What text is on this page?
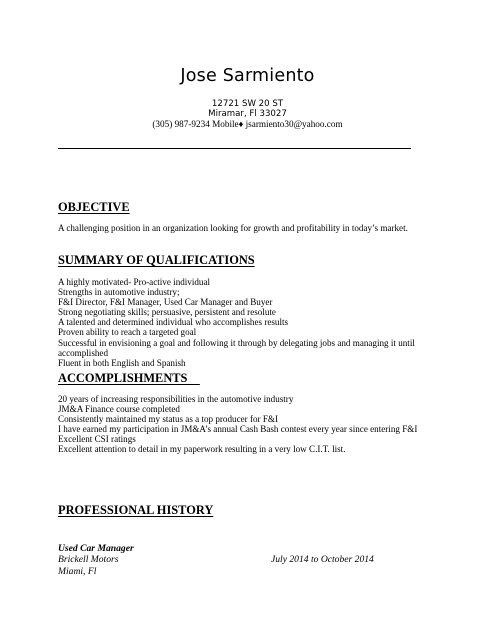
Jose Sarmiento
12721 SW 20 ST
Miramar, Fl 33027
(305) 987-9234 Mobile♦ jsarmiento30@yahoo.com
OBJECTIVE
A challenging position in an organization looking for growth and profitability in today’s market.
SUMMARY OF QUALIFICATIONS
A highly motivated- Pro-active individual
Strengths in automotive industry;
F&I Director, F&I Manager, Used Car Manager and Buyer
Strong negotiating skills; persuasive, persistent and resolute
A talented and determined individual who accomplishes results
Proven ability to reach a targeted goal
Successful in envisioning a goal and following it through by delegating jobs and managing it until
accomplished
Fluent in both English and Spanish
ACCOMPLISHMENTS
20 years of increasing responsibilities in the automotive industry
JM&A Finance course completed
Consistently maintained my status as a top producer for F&I
I have earned my participation in JM&A’s annual Cash Bash contest every year since entering F&I
Excellent CSI ratings
Excellent attention to detail in my paperwork resulting in a very low C.I.T. list.
PROFESSIONAL HISTORY
Used Car Manager
Brickell Motors
Miami, Fl
July 2014 to October 2014
